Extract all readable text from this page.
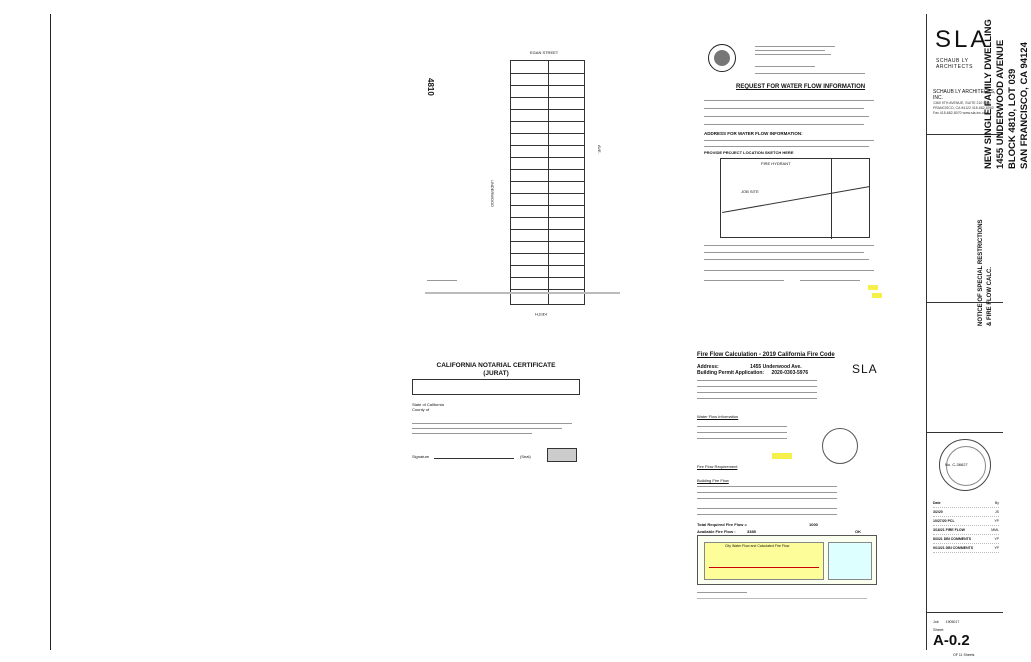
4810
EGAN STREET
UNDERWOOD
AVE.
KEITH
REQUEST FOR WATER FLOW INFORMATION
ADDRESS FOR WATER FLOW INFORMATION:
PROVIDE PROJECT LOCATION SKETCH HERE
FIRE HYDRANT
JOB SITE
CALIFORNIA NOTARIAL CERTIFICATE
(JURAT)
State of California
County of
Signature	(Seal)
Fire Flow Calculation - 2019 California Fire Code
Address:	1455 Underwood Ave.
Building Permit Application: 2020-0303-5976	SLA
Water Flow Information
Fire Flow Requirement
Building Fire Flow
Total Required Fire Flow =	1000
Available Fire Flow :	3385	OK
City Water Flow and Calculated Fire Flow
SLA
SCHAUB LY ARCHITECTS
SCHAUB LY ARCHITECTS, INC.
1360 9TH AVENUE, SUITE 210 SAN FRANCISCO, CA 94122 415-682-8060 Fax 415-682-8070 www.sla-inc.com
NEW SINGLE FAMILY DWELLING 1455 UNDERWOOD AVENUE BLOCK 4810, LOT 039 SAN FRANCISCO, CA 94124
NOTICE OF SPECIAL RESTRICTIONS & FIRE FLOW CALC.
No. C-36627
Date	By
3/2/20	JS
10/27/20 PCL	YP
3/16/21 FIRE FLOW	MML
8/3/21 DBI COMMENTS	YP
9/13/21 DBI COMMENTS	YP
Job 1905017
Sheet
A-0.2
OF 11 Sheets
